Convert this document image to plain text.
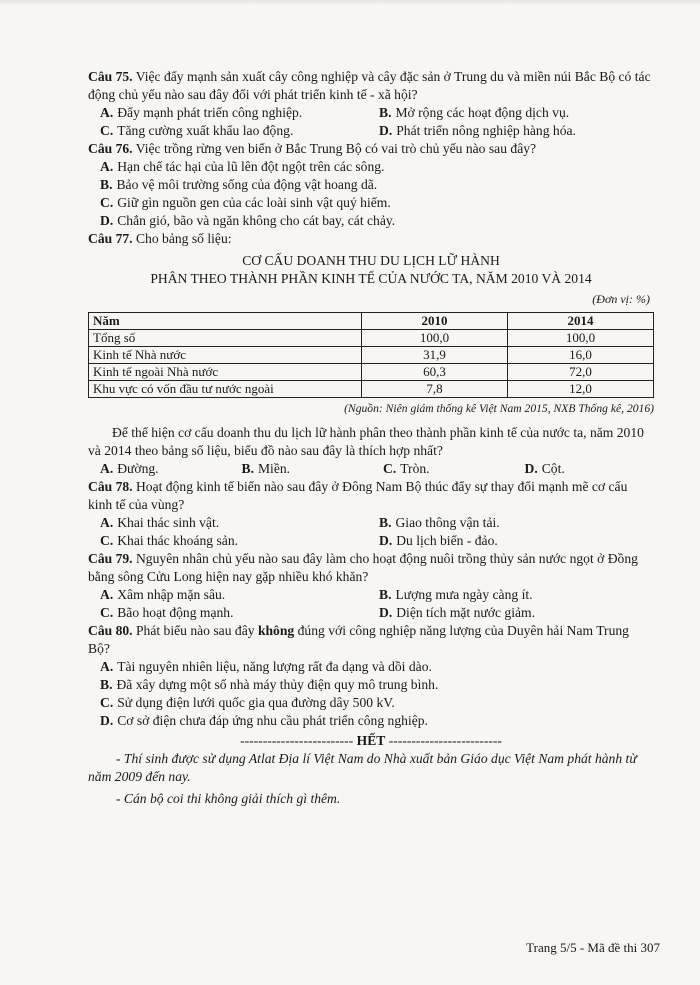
Câu 75. Việc đẩy mạnh sản xuất cây công nghiệp và cây đặc sản ở Trung du và miền núi Bắc Bộ có tác động chủ yếu nào sau đây đối với phát triển kinh tế - xã hội?
A. Đẩy mạnh phát triển công nghiệp.	B. Mở rộng các hoạt động dịch vụ.
C. Tăng cường xuất khẩu lao động.	D. Phát triển nông nghiệp hàng hóa.
Câu 76. Việc trồng rừng ven biển ở Bắc Trung Bộ có vai trò chủ yếu nào sau đây?
A. Hạn chế tác hại của lũ lên đột ngột trên các sông.
B. Bảo vệ môi trường sống của động vật hoang dã.
C. Giữ gìn nguồn gen của các loài sinh vật quý hiếm.
D. Chắn gió, bão và ngăn không cho cát bay, cát chảy.
Câu 77. Cho bảng số liệu:
CƠ CẤU DOANH THU DU LỊCH LỮ HÀNH
PHÂN THEO THÀNH PHẦN KINH TẾ CỦA NƯỚC TA, NĂM 2010 VÀ 2014
(Đơn vị: %)
Năm	2010	2014
Tổng số	100,0	100,0
Kinh tế Nhà nước	31,9	16,0
Kinh tế ngoài Nhà nước	60,3	72,0
Khu vực có vốn đầu tư nước ngoài	7,8	12,0
(Nguồn: Niên giám thống kê Việt Nam 2015, NXB Thống kê, 2016)
Để thể hiện cơ cấu doanh thu du lịch lữ hành phân theo thành phần kinh tế của nước ta, năm 2010 và 2014 theo bảng số liệu, biểu đồ nào sau đây là thích hợp nhất?
A. Đường.	B. Miền.	C. Tròn.	D. Cột.
Câu 78. Hoạt động kinh tế biển nào sau đây ở Đông Nam Bộ thúc đẩy sự thay đổi mạnh mẽ cơ cấu kinh tế của vùng?
A. Khai thác sinh vật.	B. Giao thông vận tải.
C. Khai thác khoáng sản.	D. Du lịch biển - đảo.
Câu 79. Nguyên nhân chủ yếu nào sau đây làm cho hoạt động nuôi trồng thủy sản nước ngọt ở Đồng bằng sông Cửu Long hiện nay gặp nhiều khó khăn?
A. Xâm nhập mặn sâu.	B. Lượng mưa ngày càng ít.
C. Bão hoạt động mạnh.	D. Diện tích mặt nước giảm.
Câu 80. Phát biểu nào sau đây không đúng với công nghiệp năng lượng của Duyên hải Nam Trung Bộ?
A. Tài nguyên nhiên liệu, năng lượng rất đa dạng và dồi dào.
B. Đã xây dựng một số nhà máy thủy điện quy mô trung bình.
C. Sử dụng điện lưới quốc gia qua đường dây 500 kV.
D. Cơ sở điện chưa đáp ứng nhu cầu phát triển công nghiệp.
------------------------- HẾT -------------------------
- Thí sinh được sử dụng Atlat Địa lí Việt Nam do Nhà xuất bản Giáo dục Việt Nam phát hành từ năm 2009 đến nay.
- Cán bộ coi thi không giải thích gì thêm.
Trang 5/5 - Mã đề thi 307
